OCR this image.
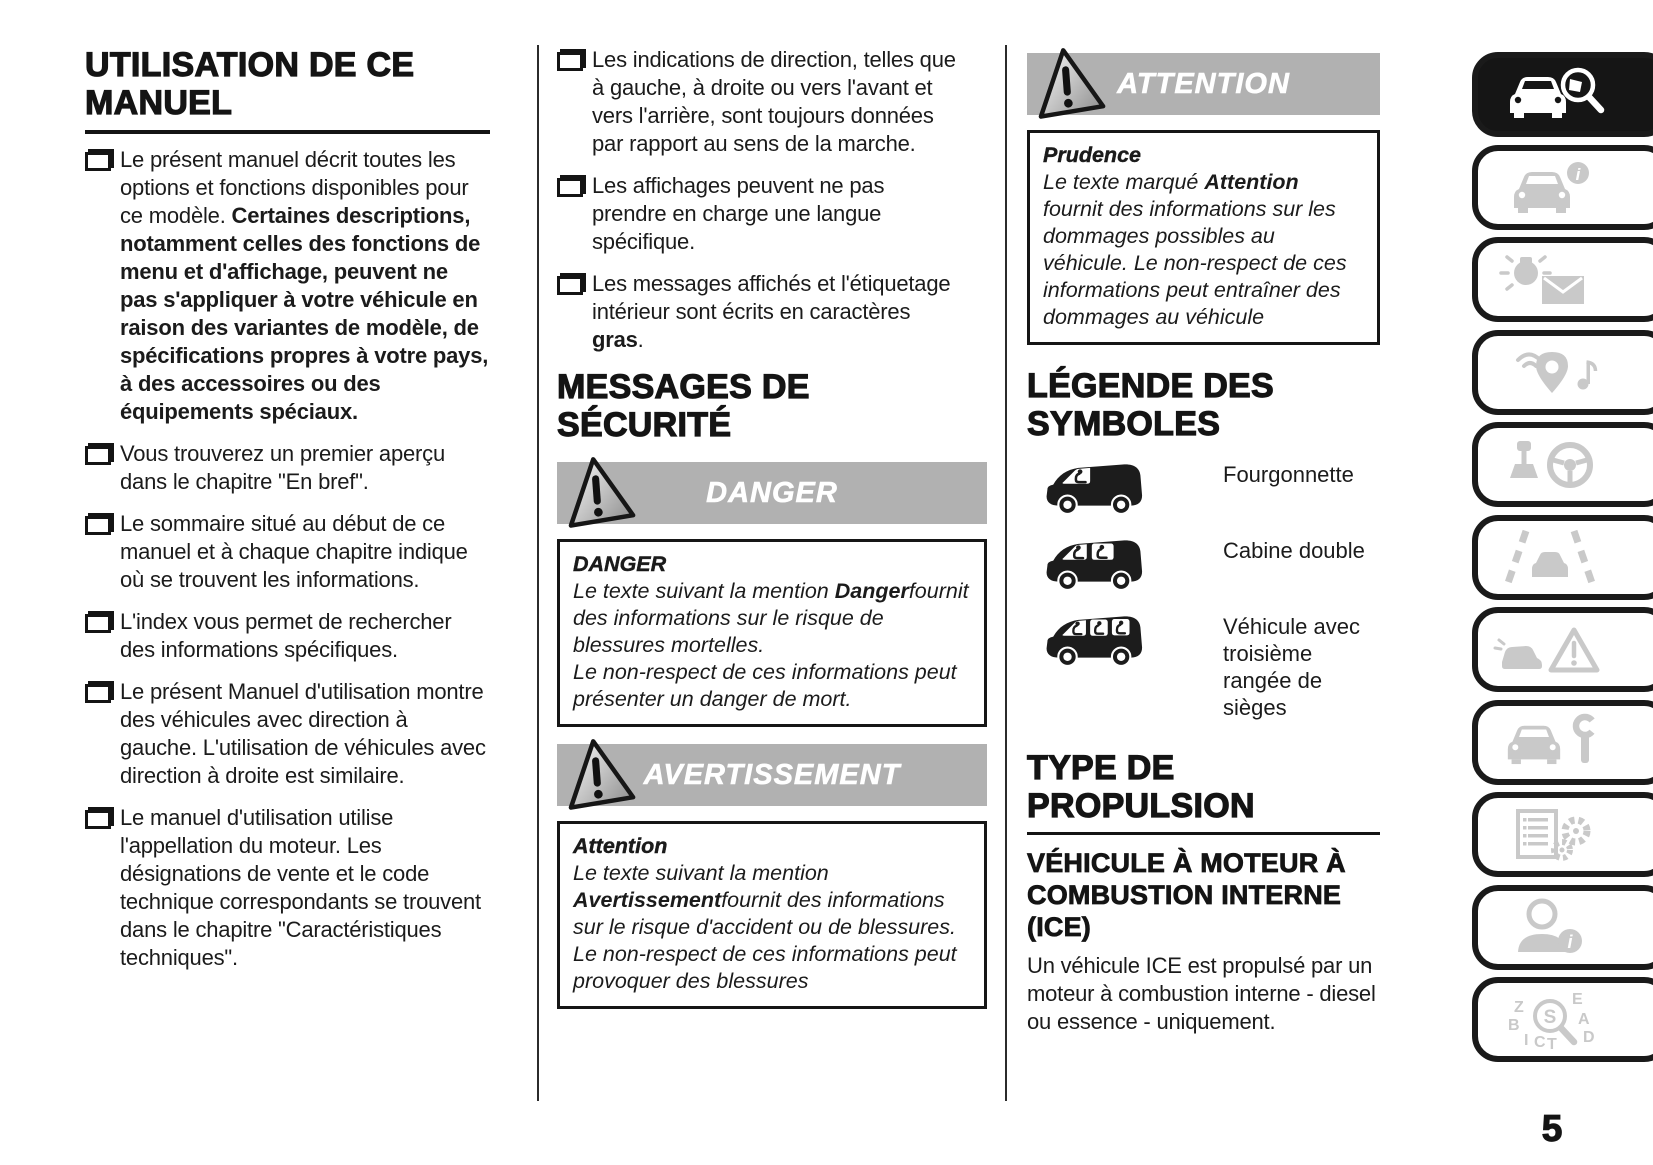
UTILISATION DE CE MANUEL

Le présent manuel décrit toutes les options et fonctions disponibles pour ce modèle. Certaines descriptions, notamment celles des fonctions de menu et d'affichage, peuvent ne pas s'appliquer à votre véhicule en raison des variantes de modèle, de spécifications propres à votre pays, à des accessoires ou des équipements spéciaux.

Vous trouverez un premier aperçu dans le chapitre "En bref".

Le sommaire situé au début de ce manuel et à chaque chapitre indique où se trouvent les informations.

L'index vous permet de rechercher des informations spécifiques.

Le présent Manuel d'utilisation montre des véhicules avec direction à gauche. L'utilisation de véhicules avec direction à droite est similaire.

Le manuel d'utilisation utilise l'appellation du moteur. Les désignations de vente et le code technique correspondants se trouvent dans le chapitre "Caractéristiques techniques".

Les indications de direction, telles que à gauche, à droite ou vers l'avant et vers l'arrière, sont toujours données par rapport au sens de la marche.

Les affichages peuvent ne pas prendre en charge une langue spécifique.

Les messages affichés et l'étiquetage intérieur sont écrits en caractères gras.

MESSAGES DE SÉCURITÉ
DANGER

DANGER

Le texte suivant la mention Dangerfournit des informations sur le risque de blessures mortelles.

Le non-respect de ces informations peut présenter un danger de mort.

AVERTISSEMENT

Attention

Le texte suivant la mention Avertissementfournit des informations sur le risque d'accident ou de blessures.

Le non-respect de ces informations peut provoquer des blessures

ATTENTION

Prudence

Le texte marqué Attention fournit des informations sur les dommages possibles au véhicule. Le non-respect de ces informations peut entraîner des dommages au véhicule

LÉGENDE DES SYMBOLES
Fourgonnette
Cabine double
Véhicule avec troisième rangée de sièges
TYPE DE PROPULSION
VÉHICULE À MOTEUR À COMBUSTION INTERNE (ICE)

Un véhicule ICE est propulsé par un moteur à combustion interne - diesel ou essence - uniquement.

i
i
Z	E
B	A
D
I C T
S
5
